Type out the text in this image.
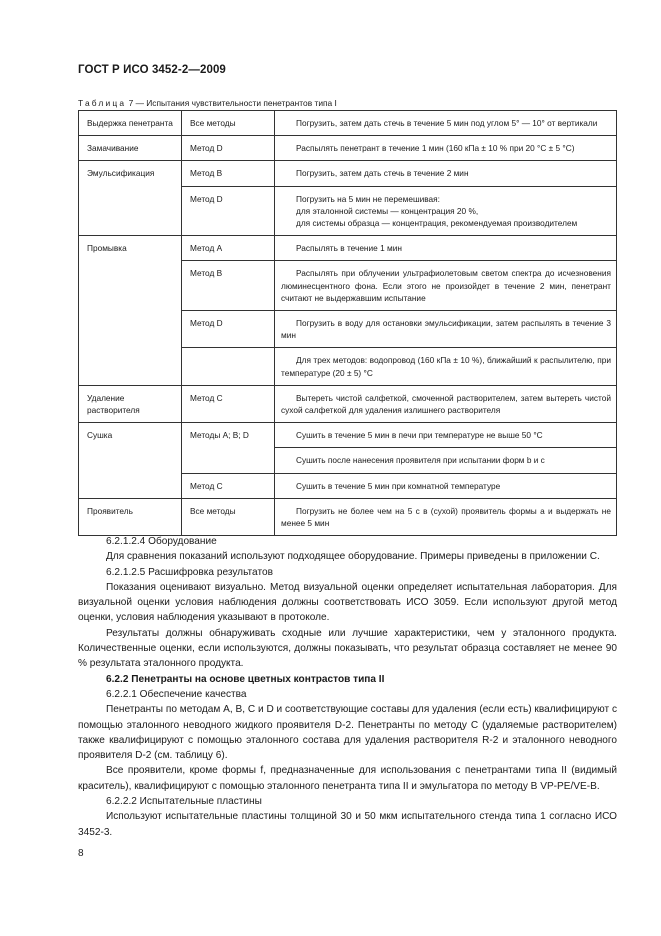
ГОСТ Р ИСО 3452-2—2009
Таблица 7 — Испытания чувствительности пенетрантов типа I
Выдержка пенетранта	Все методы	Погрузить, затем дать стечь в течение 5 мин под углом 5° — 10° от вертикали

Замачивание	Метод D	Распылять пенетрант в течение 1 мин (160 кПа ± 10 % при 20 °С ± 5 °С)

Эмульсификация	Метод B	Погрузить, затем дать стечь в течение 2 мин

	Метод D	Погрузить на 5 мин не перемешивая:
для эталонной системы — концентрация 20 %,
для системы образца — концентрация, рекомендуемая производителем

Промывка	Метод A	Распылять в течение 1 мин

	Метод B	Распылять при облучении ультрафиолетовым светом спектра до исчезновения люминесцентного фона. Если этого не произойдет в течение 2 мин, пенетрант считают не выдержавшим испытание

	Метод D	Погрузить в воду для остановки эмульсификации, затем распылять в течение 3 мин

		Для трех методов: водопровод (160 кПа ± 10 %), ближайший к распылителю, при температуре (20 ± 5) °С

Удаление растворителя	Метод C	Вытереть чистой салфеткой, смоченной растворителем, затем вытереть чистой сухой салфеткой для удаления излишнего растворителя

Сушка	Методы А; В; D	Сушить в течение 5 мин в печи при температуре не выше 50 °С

		Сушить после нанесения проявителя при испытании форм b и c

	Метод C	Сушить в течение 5 мин при комнатной температуре

Проявитель	Все методы	Погрузить не более чем на 5 с в (сухой) проявитель формы a и выдержать не менее 5 мин
6.2.1.2.4 Оборудование
Для сравнения показаний используют подходящее оборудование. Примеры приведены в приложении С.
6.2.1.2.5 Расшифровка результатов
Показания оценивают визуально. Метод визуальной оценки определяет испытательная лаборатория. Для визуальной оценки условия наблюдения должны соответствовать ИСО 3059. Если используют другой метод оценки, условия наблюдения указывают в протоколе.
Результаты должны обнаруживать сходные или лучшие характеристики, чем у эталонного продукта. Количественные оценки, если используются, должны показывать, что результат образца составляет не менее 90 % результата эталонного продукта.
6.2.2 Пенетранты на основе цветных контрастов типа II
6.2.2.1 Обеспечение качества
Пенетранты по методам А, В, С и D и соответствующие составы для удаления (если есть) квалифицируют с помощью эталонного неводного жидкого проявителя D-2. Пенетранты по методу С (удаляемые растворителем) также квалифицируют с помощью эталонного состава для удаления растворителя R-2 и эталонного неводного проявителя D-2 (см. таблицу 6).
Все проявители, кроме формы f, предназначенные для использования с пенетрантами типа II (видимый краситель), квалифицируют с помощью эталонного пенетранта типа II и эмульгатора по методу В VP-PE/VE-B.
6.2.2.2 Испытательные пластины
Используют испытательные пластины толщиной 30 и 50 мкм испытательного стенда типа 1 согласно ИСО 3452-3.
8
